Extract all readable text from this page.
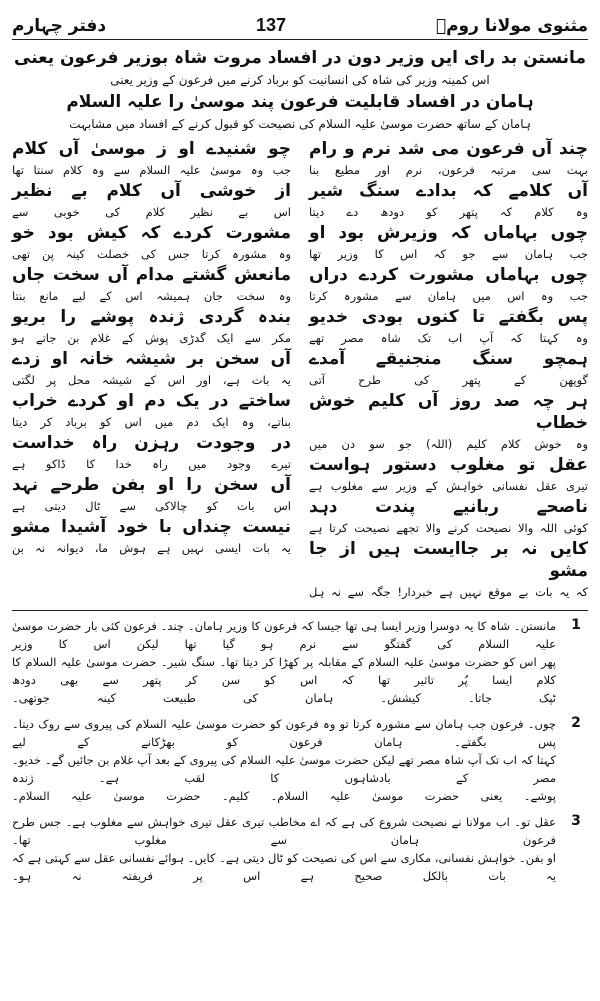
مثنوی مولانا رومؒ
137
دفتر چہارم
مانستن بد رای ایں وزیر دون در افساد مروت شاہ بوزیر فرعون یعنی
اس کمینہ وزیر کی شاہ کی انسانیت کو برباد کرنے میں فرعون کے وزیر یعنی
ہامان در افساد قابلیت فرعون پند موسیٰ را علیہ السلام
ہامان کے ساتھ حضرت موسیٰ علیہ السلام کی نصیحت کو قبول کرنے کے افساد میں مشابہت
چند آں فرعون می شد نرم و رام
بہت سی مرتبہ فرعون، نرم اور مطیع بنا
آں کلامے کہ بدادے سنگ شیر
وہ کلام کہ پتھر کو دودھ دے دیتا
چوں بہاماں کہ وزیرش بود او
جب ہامان سے جو کہ اس کا وزیر تھا
چوں بہاماں مشورت کردے دراں
جب وہ اس میں ہامان سے مشورہ کرتا
پس بگفتے تا کنوں بودی خدیو
وہ کہتا کہ آپ اب تک شاہ مصر تھے
ہمچو سنگ منجنیقے آمدے
گوپھن کے پتھر کی طرح آتی
ہر چہ صد روز آں کلیم خوش خطاب
وہ خوش کلام کلیم (اللہ) جو سو دن میں
عقل تو مغلوب دستور ہواست
تیری عقل نفسانی خواہش کے وزیر سے مغلوب ہے
ناصحے ربانیے پندت دہد
کوئی اللہ والا نصیحت کرنے والا تجھے نصیحت کرتا ہے
کایں نہ بر جاایست ہیں از جا مشو
کہ یہ بات بے موقع نہیں ہے خبردار! جگہ سے نہ ہل
چو شنیدے او ز موسیٰ آں کلام
جب وہ موسیٰ علیہ السلام سے وہ کلام سنتا تھا
از خوشی آں کلام بے نظیر
اس بے نظیر کلام کی خوبی سے
مشورت کردے کہ کیش بود خو
وہ مشورہ کرتا جس کی خصلت کینہ پن تھی
مانعش گشتے مدام آں سخت جاں
وہ سخت جان ہمیشہ اس کے لیے مانع بنتا
بندہ گردی ژندہ پوشے را بریو
مکر سے ایک گدڑی پوش کے غلام بن جاتے ہو
آں سخن بر شیشہ خانہ او زدے
یہ بات ہے، اور اس کے شیشہ محل پر لگتی
ساختے در یک دم او کردے خراب
بناتے، وہ ایک دم میں اس کو برباد کر دیتا
در وجودت رہزن راہ خداست
تیرے وجود میں راہ خدا کا ڈاکو ہے
آں سخن را او بفن طرحے نہد
اس بات کو چالاکی سے ٹال دیتی ہے
نیست چنداں با خود آشیدا مشو
یہ بات ایسی نہیں ہے ہوش ما، دیوانہ نہ بن
1
مانستن۔ شاہ کا یہ دوسرا وزیر ایسا ہی تھا جیسا کہ فرعون کا وزیر ہامان۔ چند۔ فرعون کئی بار حضرت موسیٰ علیہ السلام کی گفتگو سے نرم ہو گیا تھا لیکن اس کا وزیر
پھر اس کو حضرت موسیٰ علیہ السلام کے مقابلہ پر کھڑا کر دیتا تھا۔ سنگ شیر۔ حضرت موسیٰ علیہ السلام کا کلام ایسا پُر تاثیر تھا کہ اس کو سن کر پتھر سے بھی دودھ
ٹپک جاتا۔ کیشش۔ ہامان کی طبیعت کینہ جوتھی۔
2
چوں۔ فرعون جب ہامان سے مشورہ کرتا تو وہ فرعون کو حضرت موسیٰ علیہ السلام کی پیروی سے روک دیتا۔ پس بگفتے۔ ہامان فرعون کو بھڑکانے کے لیے
کہتا کہ اب تک آپ شاہ مصر تھے لیکن حضرت موسیٰ علیہ السلام کی پیروی کے بعد آپ غلام بن جائیں گے۔ خدیو۔ مصر کے بادشاہوں کا لقب ہے۔ ژندہ
پوشے۔ یعنی حضرت موسیٰ علیہ السلام۔ کلیم۔ حضرت موسیٰ علیہ السلام۔
3
عقل تو۔ اب مولانا نے نصیحت شروع کی ہے کہ اے مخاطب تیری عقل تیری خواہش سے مغلوب ہے۔ جس طرح فرعون ہامان سے مغلوب تھا۔
او بفن۔ خواہش نفسانی، مکاری سے اس کی نصیحت کو ٹال دیتی ہے۔ کایں۔ ہوائے نفسانی عقل سے کہتی ہے کہ یہ بات بالکل صحیح ہے اس پر فریفتہ نہ ہو۔
